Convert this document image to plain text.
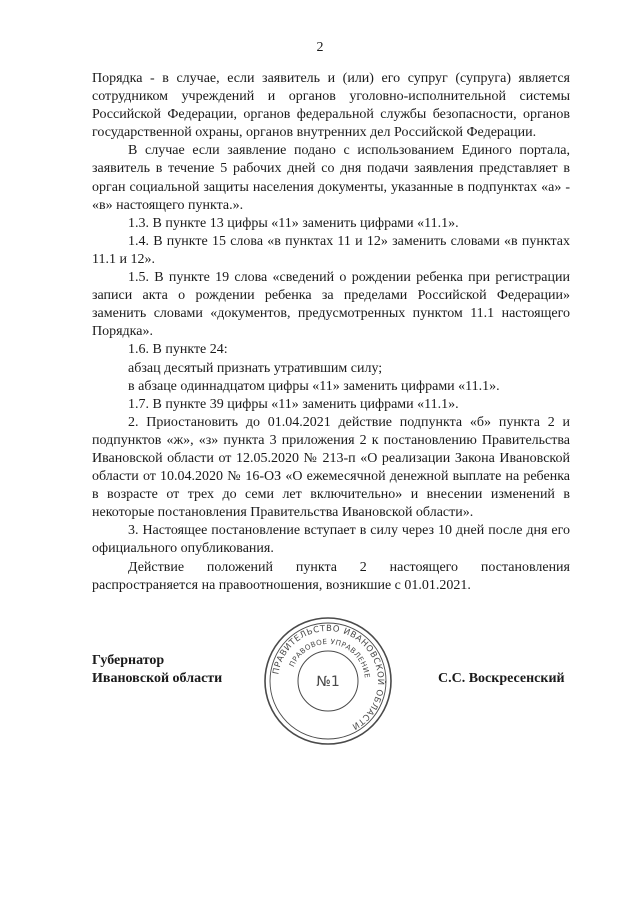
2

Порядка - в случае, если заявитель и (или) его супруг (супруга) является сотрудником учреждений и органов уголовно-исполнительной системы Российской Федерации, органов федеральной службы безопасности, органов государственной охраны, органов внутренних дел Российской Федерации.

В случае если заявление подано с использованием Единого портала, заявитель в течение 5 рабочих дней со дня подачи заявления представляет в орган социальной защиты населения документы, указанные в подпунктах «а» - «в» настоящего пункта.».

1.3. В пункте 13 цифры «11» заменить цифрами «11.1».

1.4. В пункте 15 слова «в пунктах 11 и 12» заменить словами «в пунктах 11.1 и 12».

1.5. В пункте 19 слова «сведений о рождении ребенка при регистрации записи акта о рождении ребенка за пределами Российской Федерации» заменить словами «документов, предусмотренных пунктом 11.1 настоящего Порядка».

1.6. В пункте 24:

абзац десятый признать утратившим силу;

в абзаце одиннадцатом цифры «11» заменить цифрами «11.1».

1.7. В пункте 39 цифры «11» заменить цифрами «11.1».

2. Приостановить до 01.04.2021 действие подпункта «б» пункта 2 и подпунктов «ж», «з» пункта 3 приложения 2 к постановлению Правительства Ивановской области от 12.05.2020 № 213-п «О реализации Закона Ивановской области от 10.04.2020 № 16-ОЗ «О ежемесячной денежной выплате на ребенка в возрасте от трех до семи лет включительно» и внесении изменений в некоторые постановления Правительства Ивановской области».

3. Настоящее постановление вступает в силу через 10 дней после дня его официального опубликования.

Действие положений пункта 2 настоящего постановления распространяется на правоотношения, возникшие с 01.01.2021.

ПРАВИТЕЛЬСТВО ИВАНОВСКОЙ ОБЛАСТИ
ПРАВОВОЕ УПРАВЛЕНИЕ
№1
Губернатор
Ивановской области	С.С. Воскресенский
